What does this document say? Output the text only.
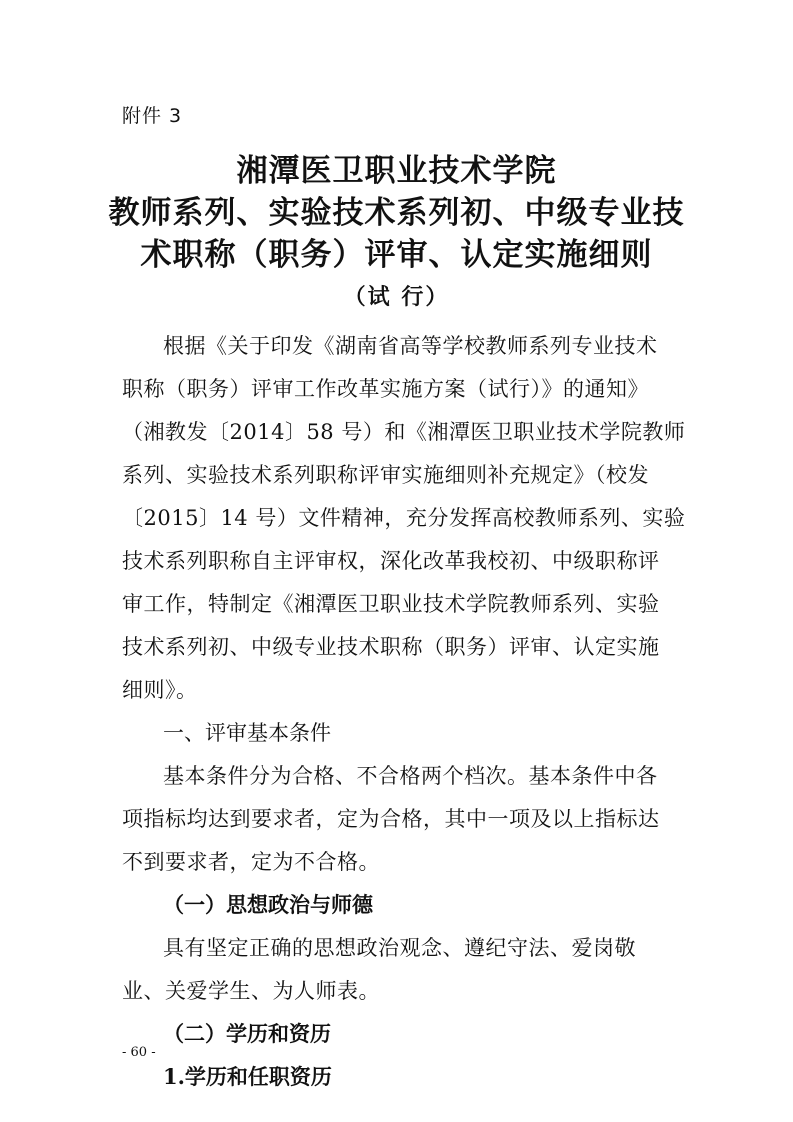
附件 3
湘潭医卫职业技术学院
教师系列、实验技术系列初、中级专业技
术职称（职务）评审、认定实施细则
（试 行）
根据《关于印发《湖南省高等学校教师系列专业技术
职称（职务）评审工作改革实施方案（试行）》的通知》
（湘教发〔2014〕58 号）和《湘潭医卫职业技术学院教师
系列、实验技术系列职称评审实施细则补充规定》（校发
〔2015〕14 号）文件精神，充分发挥高校教师系列、实验
技术系列职称自主评审权，深化改革我校初、中级职称评
审工作，特制定《湘潭医卫职业技术学院教师系列、实验
技术系列初、中级专业技术职称（职务）评审、认定实施
细则》。
一、评审基本条件
基本条件分为合格、不合格两个档次。基本条件中各
项指标均达到要求者，定为合格，其中一项及以上指标达
不到要求者，定为不合格。
（一）思想政治与师德
具有坚定正确的思想政治观念、遵纪守法、爱岗敬
业、关爱学生、为人师表。
（二）学历和资历
1.学历和任职资历
- 60 -
